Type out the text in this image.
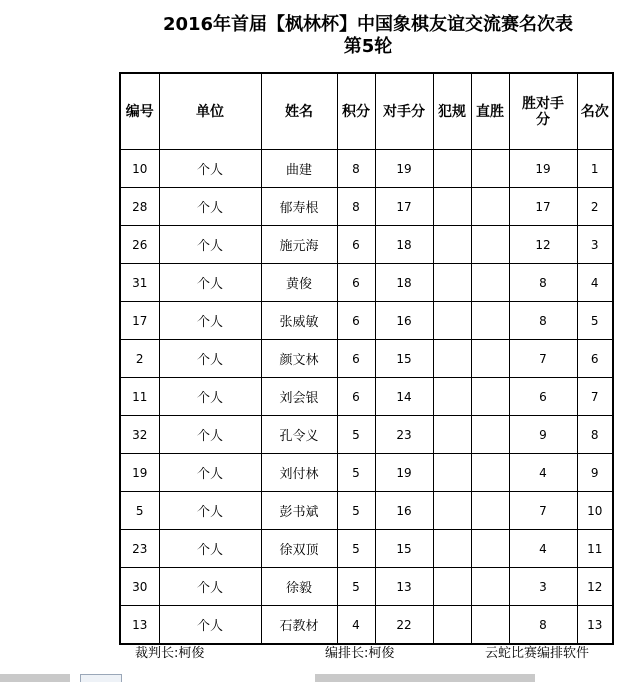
2016年首届【枫林杯】中国象棋友谊交流赛名次表
第5轮
编号	单位	姓名	积分	对手分	犯规	直胜	胜对手分	名次
10	个人	曲建	8	19			19	1
28	个人	郁寿根	8	17			17	2
26	个人	施元海	6	18			12	3
31	个人	黄俊	6	18			8	4
17	个人	张威敏	6	16			8	5
2	个人	颜文林	6	15			7	6
11	个人	刘会银	6	14			6	7
32	个人	孔令义	5	23			9	8
19	个人	刘付林	5	19			4	9
5	个人	彭书斌	5	16			7	10
23	个人	徐双顶	5	15			4	11
30	个人	徐毅	5	13			3	12
13	个人	石教材	4	22			8	13
裁判长:柯俊	编排长:柯俊	云蛇比赛编排软件
